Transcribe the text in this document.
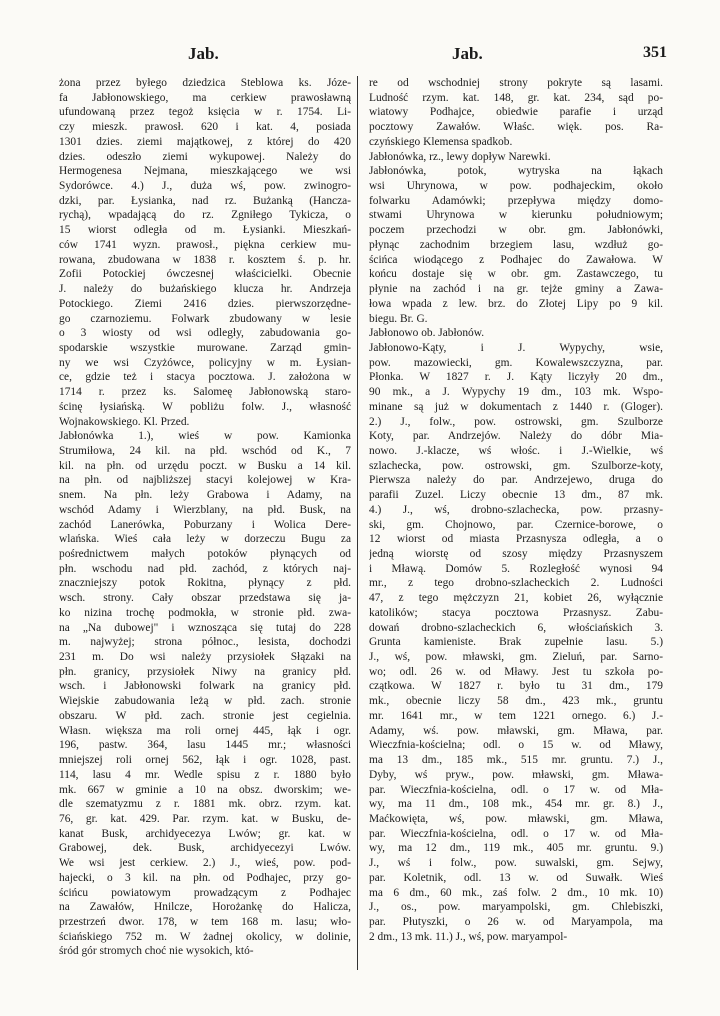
Jab.	Jab.	351
żona przez byłego dziedzica Steblowa ks. Józe-
fa Jabłonowskiego, ma cerkiew prawosławną
ufundowaną przez tegoż księcia w r. 1754. Li-
czy mieszk. prawosł. 620 i kat. 4, posiada
1301 dzies. ziemi majątkowej, z której do 420
dzies. odeszło ziemi wykupowej. Należy do
Hermogenesa Nejmana, mieszkającego we wsi
Sydorówce. 4.) J., duża wś, pow. zwinogro-
dzki, par. Łysianka, nad rz. Bużanką (Hancza-
rychą), wpadającą do rz. Zgniłego Tykicza, o
15 wiorst odległa od m. Łysianki. Mieszkań-
ców 1741 wyzn. prawosł., piękna cerkiew mu-
rowana, zbudowana w 1838 r. kosztem ś. p. hr.
Zofii Potockiej ówczesnej właścicielki. Obecnie
J. należy do bużańskiego klucza hr. Andrzeja
Potockiego. Ziemi 2416 dzies. pierwszorzędne-
go czarnoziemu. Folwark zbudowany w lesie
o 3 wiosty od wsi odległy, zabudowania go-
spodarskie wszystkie murowane. Zarząd gmin-
ny we wsi Czyżówce, policyjny w m. Łysian-
ce, gdzie też i stacya pocztowa. J. założona w
1714 r. przez ks. Salomeę Jabłonowską staro-
ścinę łysiańską. W pobliżu folw. J., własność
Wojnakowskiego. Kl. Przed.
Jabłonówka 1.), wieś w pow. Kamionka
Strumiłowa, 24 kil. na płd. wschód od K., 7
kil. na płn. od urzędu poczt. w Busku a 14 kil.
na płn. od najbliższej stacyi kolejowej w Kra-
snem. Na płn. leży Grabowa i Adamy, na
wschód Adamy i Wierzblany, na płd. Busk, na
zachód Lanerówka, Poburzany i Wolica Dere-
wlańska. Wieś cała leży w dorzeczu Bugu za
pośrednictwem małych potoków płynących od
płn. wschodu nad płd. zachód, z których naj-
znaczniejszy potok Rokitna, płynący z płd.
wsch. strony. Cały obszar przedstawa się ja-
ko nizina trochę podmokła, w stronie płd. zwa-
na „Na dubowej" i wznosząca się tutaj do 228
m. najwyżej; strona północ., lesista, dochodzi
231 m. Do wsi należy przysiołek Słązaki na
płn. granicy, przysiołek Niwy na granicy płd.
wsch. i Jabłonowski folwark na granicy płd.
Wiejskie zabudowania leżą w płd. zach. stronie
obszaru. W płd. zach. stronie jest cegielnia.
Własn. większa ma roli ornej 445, łąk i ogr.
196, pastw. 364, lasu 1445 mr.; własności
mniejszej roli ornej 562, łąk i ogr. 1028, past.
114, lasu 4 mr. Wedle spisu z r. 1880 było
mk. 667 w gminie a 10 na obsz. dworskim; we-
dle szematyzmu z r. 1881 mk. obrz. rzym. kat.
76, gr. kat. 429. Par. rzym. kat. w Busku, de-
kanat Busk, archidyecezya Lwów; gr. kat. w
Grabowej, dek. Busk, archidyecezyi Lwów.
We wsi jest cerkiew. 2.) J., wieś, pow. pod-
hajecki, o 3 kil. na płn. od Podhajec, przy go-
ścińcu powiatowym prowadzącym z Podhajec
na Zawałów, Hnilcze, Horożankę do Halicza,
przestrzeń dwor. 178, w tem 168 m. lasu; wło-
ściańskiego 752 m. W żadnej okolicy, w dolinie,
śród gór stromych choć nie wysokich, któ-
re od wschodniej strony pokryte są lasami.
Ludność rzym. kat. 148, gr. kat. 234, sąd po-
wiatowy Podhajce, obiedwie parafie i urząd
pocztowy Zawałów. Właśc. więk. pos. Ra-
czyńskiego Klemensa spadkob.
Jabłonówka, rz., lewy dopływ Narewki.
Jabłonówka, potok, wytryska na łąkach
wsi Uhrynowa, w pow. podhajeckim, około
folwarku Adamówki; przepływa między domo-
stwami Uhrynowa w kierunku południowym;
poczem przechodzi w obr. gm. Jabłonówki,
płynąc zachodnim brzegiem lasu, wzdłuż go-
ścińca wiodącego z Podhajec do Zawałowa. W
końcu dostaje się w obr. gm. Zastawczego, tu
płynie na zachód i na gr. tejże gminy a Zawa-
łowa wpada z lew. brz. do Złotej Lipy po 9 kil.
biegu. Br. G.
Jabłonowo ob. Jabłonów.
Jabłonowo-Kąty, i J. Wypychy, wsie,
pow. mazowiecki, gm. Kowalewszczyzna, par.
Płonka. W 1827 r. J. Kąty liczyły 20 dm.,
90 mk., a J. Wypychy 19 dm., 103 mk. Wspo-
minane są już w dokumentach z 1440 r. (Gloger).
2.) J., folw., pow. ostrowski, gm. Szulborze
Koty, par. Andrzejów. Należy do dóbr Mia-
nowo. J.-klacze, wś włośc. i J.-Wielkie, wś
szlachecka, pow. ostrowski, gm. Szulborze-koty,
Pierwsza należy do par. Andrzejewo, druga do
parafii Zuzel. Liczy obecnie 13 dm., 87 mk.
4.) J., wś, drobno-szlachecka, pow. przasny-
ski, gm. Chojnowo, par. Czernice-borowe, o
12 wiorst od miasta Przasnysza odległa, a o
jedną wiorstę od szosy między Przasnyszem
i Mławą. Domów 5. Rozległość wynosi 94
mr., z tego drobno-szlacheckich 2. Ludności
47, z tego mężczyzn 21, kobiet 26, wyłącznie
katolików; stacya pocztowa Przasnysz. Zabu-
dowań drobno-szlacheckich 6, włościańskich 3.
Grunta kamieniste. Brak zupełnie lasu. 5.)
J., wś, pow. mławski, gm. Zieluń, par. Sarno-
wo; odl. 26 w. od Mławy. Jest tu szkoła po-
czątkowa. W 1827 r. było tu 31 dm., 179
mk., obecnie liczy 58 dm., 423 mk., gruntu
mr. 1641 mr., w tem 1221 ornego. 6.) J.-
Adamy, wś. pow. mławski, gm. Mława, par.
Wieczfnia-kościelna; odl. o 15 w. od Mławy,
ma 13 dm., 185 mk., 515 mr. gruntu. 7.) J.,
Dyby, wś pryw., pow. mławski, gm. Mława-
par. Wieczfnia-kościelna, odl. o 17 w. od Mła-
wy, ma 11 dm., 108 mk., 454 mr. gr. 8.) J.,
Maćkowięta, wś, pow. mławski, gm. Mława,
par. Wieczfnia-kościelna, odl. o 17 w. od Mła-
wy, ma 12 dm., 119 mk., 405 mr. gruntu. 9.)
J., wś i folw., pow. suwalski, gm. Sejwy,
par. Koletnik, odl. 13 w. od Suwałk. Wieś
ma 6 dm., 60 mk., zaś folw. 2 dm., 10 mk. 10)
J., os., pow. maryampolski, gm. Chlebiszki,
par. Płutyszki, o 26 w. od Maryampola, ma
2 dm., 13 mk. 11.) J., wś, pow. maryampol-
